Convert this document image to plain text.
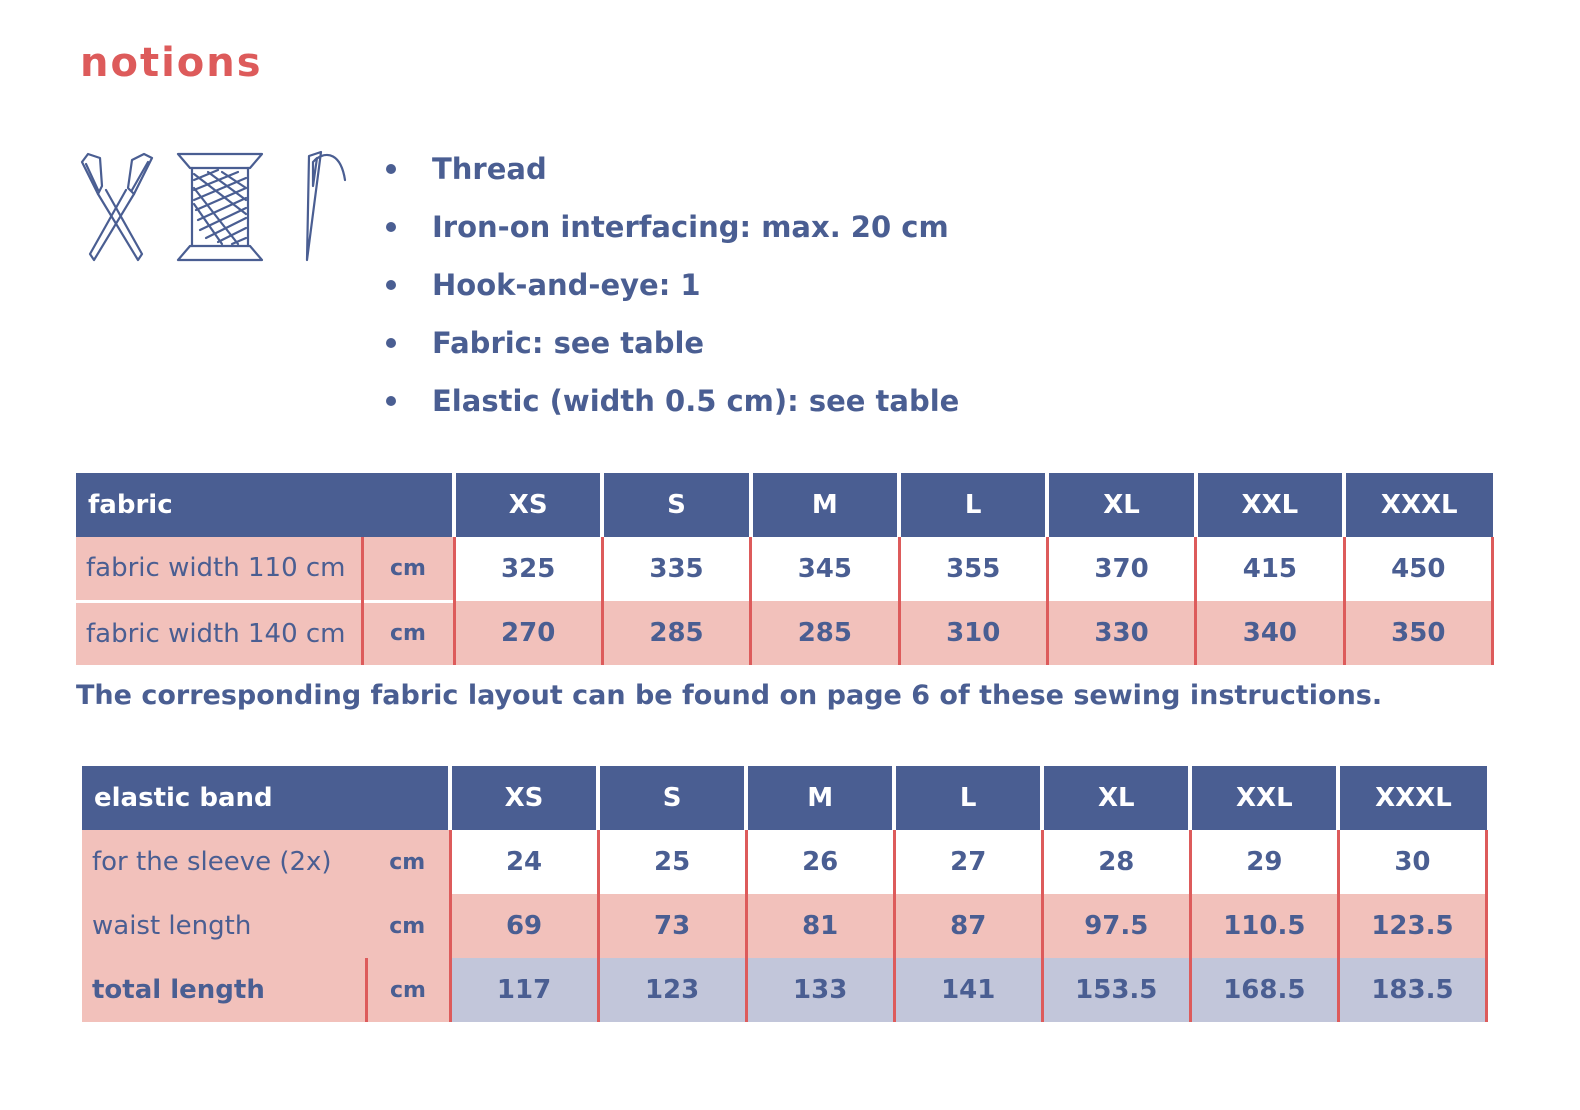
notions
Thread
Iron-on interfacing: max. 20 cm
Hook-and-eye: 1
Fabric: see table
Elastic (width 0.5 cm): see table
fabric		XS	S	M	L	XL	XXL	XXXL
fabric width 110 cm	cm	325	335	345	355	370	415	450
fabric width 140 cm	cm	270	285	285	310	330	340	350
The corresponding fabric layout can be found on page 6 of these sewing instructions.
elastic band		XS	S	M	L	XL	XXL	XXXL
for the sleeve (2x)	cm	24	25	26	27	28	29	30
waist length	cm	69	73	81	87	97.5	110.5	123.5
total length	cm	117	123	133	141	153.5	168.5	183.5
